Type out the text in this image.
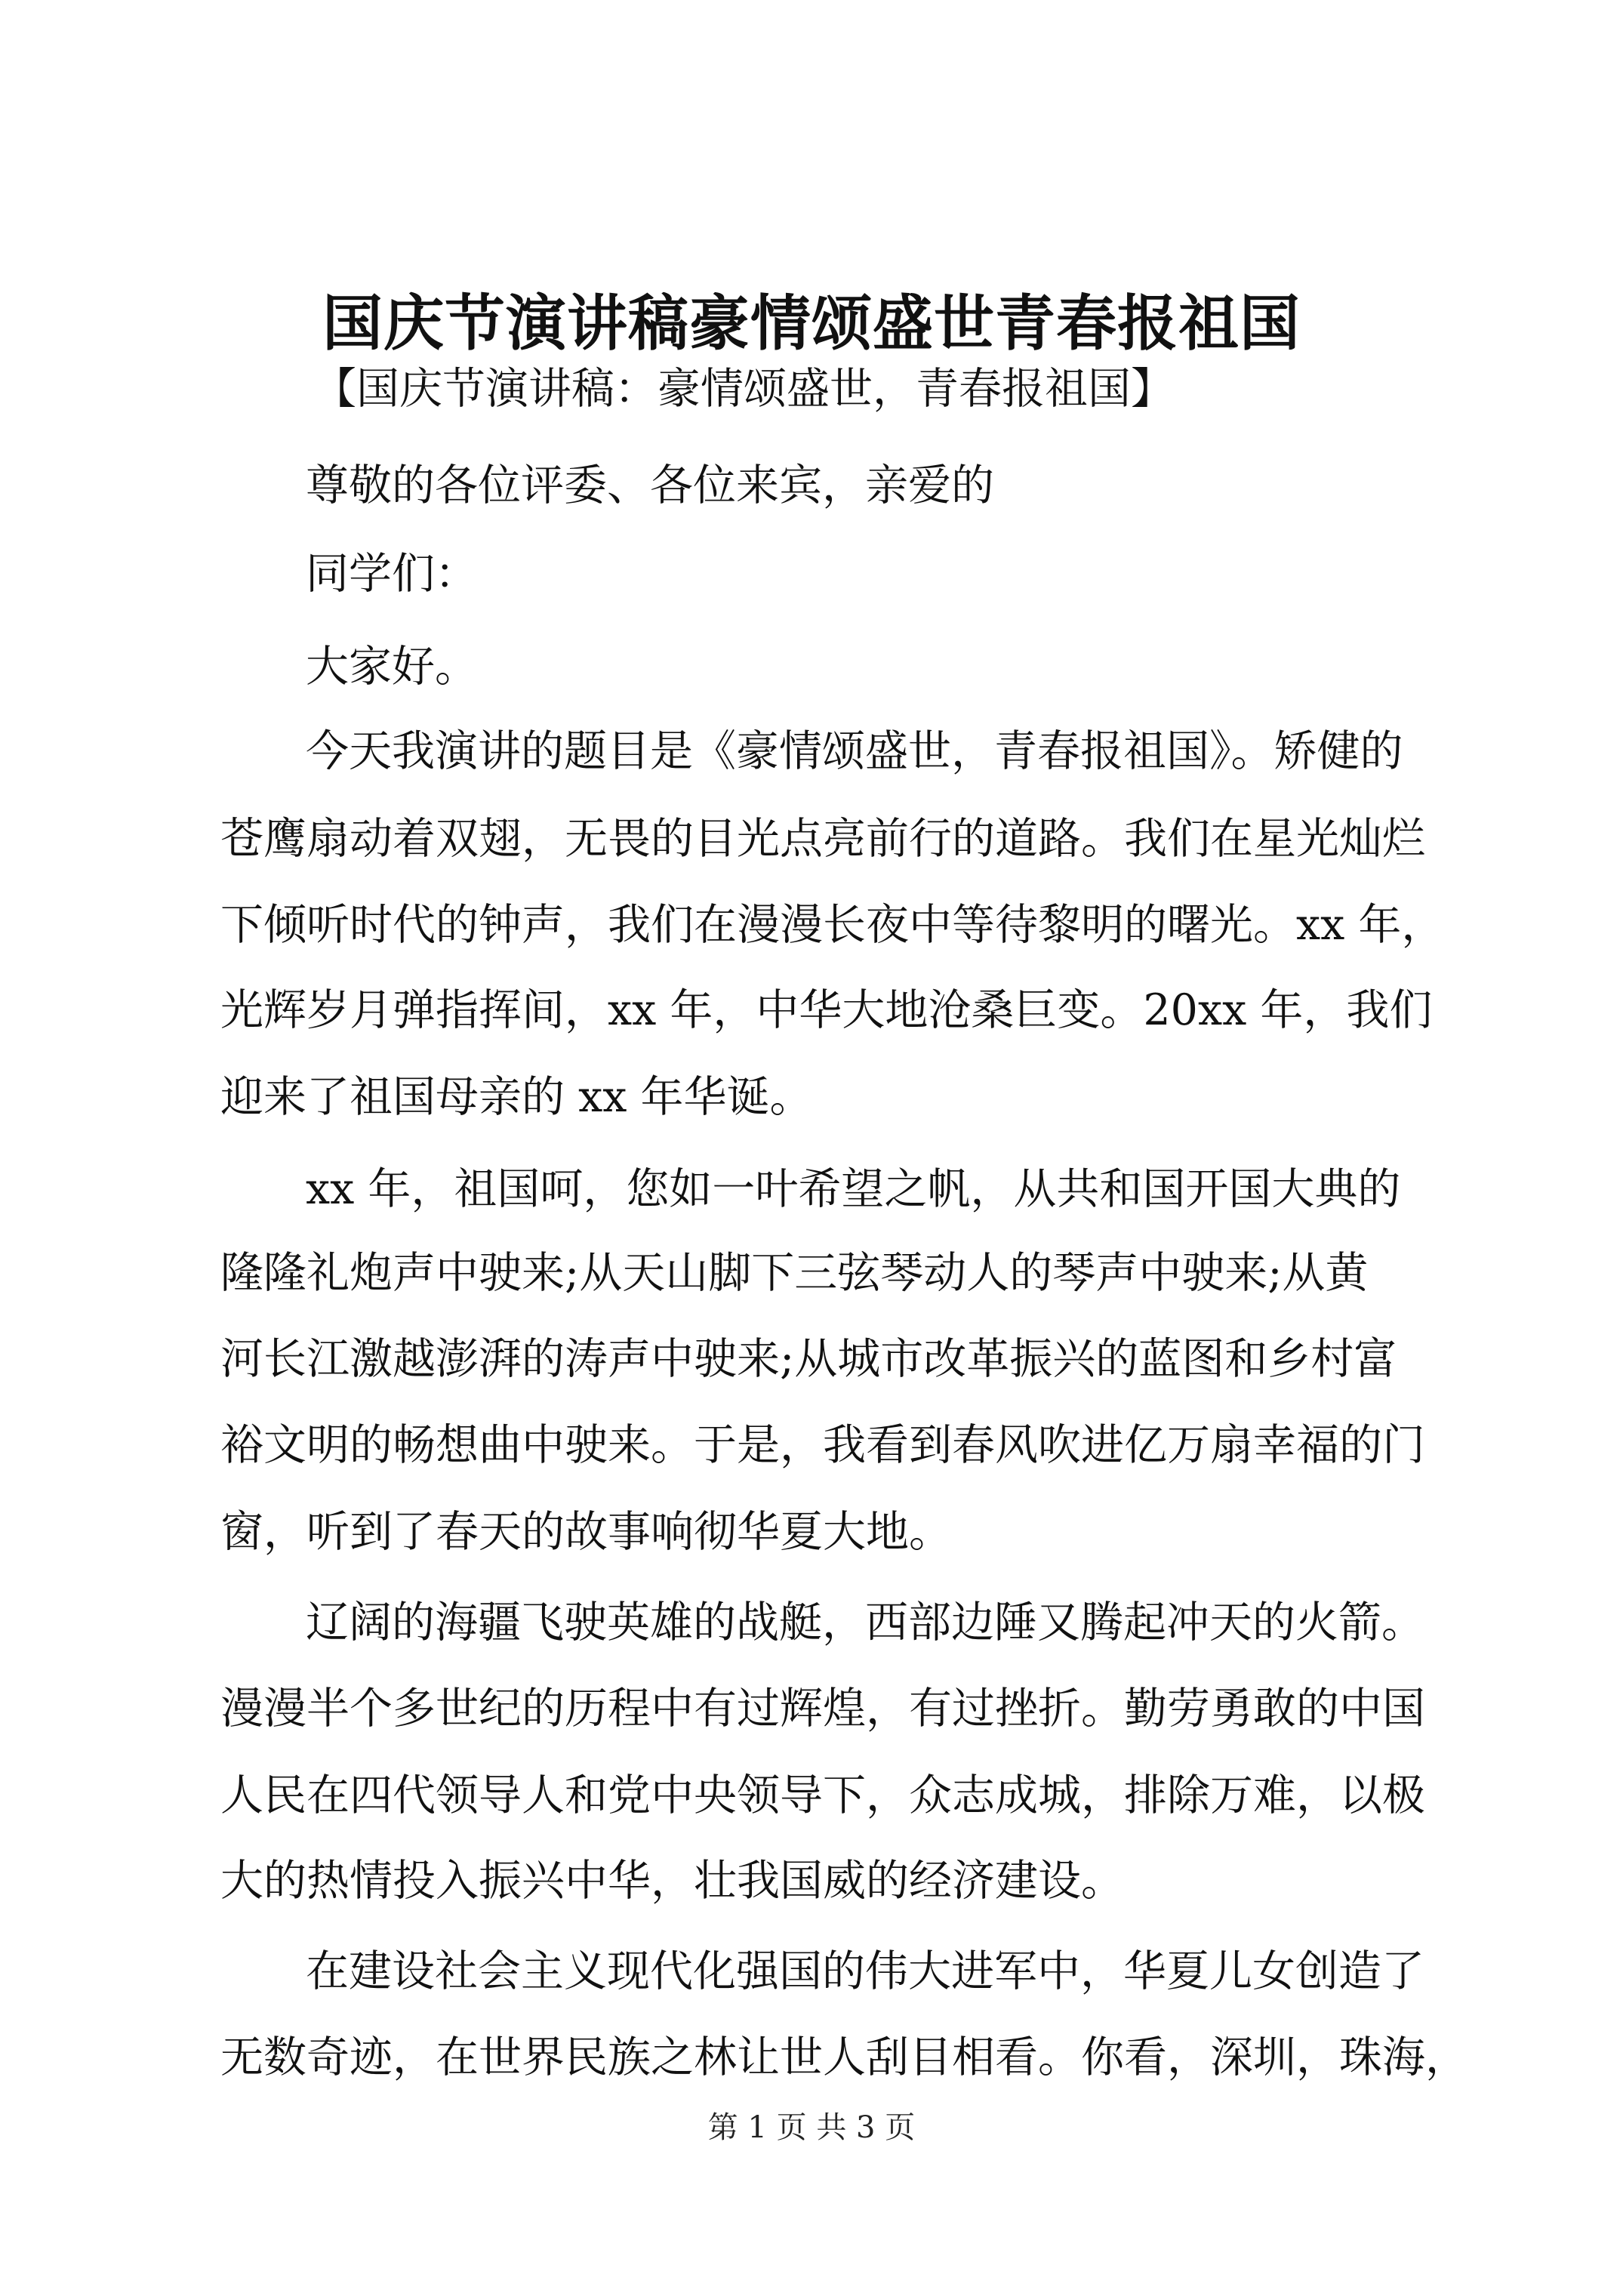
国庆节演讲稿豪情颂盛世青春报祖国
【国庆节演讲稿：豪情颂盛世，青春报祖国】
尊敬的各位评委、各位来宾，亲爱的
同学们：
大家好。
今天我演讲的题目是《豪情颂盛世，青春报祖国》。矫健的
苍鹰扇动着双翅，无畏的目光点亮前行的道路。我们在星光灿烂
下倾听时代的钟声，我们在漫漫长夜中等待黎明的曙光。xx 年，
光辉岁月弹指挥间，xx 年，中华大地沧桑巨变。20xx 年，我们
迎来了祖国母亲的 xx 年华诞。
xx 年，祖国呵，您如一叶希望之帆，从共和国开国大典的
隆隆礼炮声中驶来;从天山脚下三弦琴动人的琴声中驶来;从黄
河长江激越澎湃的涛声中驶来;从城市改革振兴的蓝图和乡村富
裕文明的畅想曲中驶来。于是，我看到春风吹进亿万扇幸福的门
窗，听到了春天的故事响彻华夏大地。
辽阔的海疆飞驶英雄的战艇，西部边陲又腾起冲天的火箭。
漫漫半个多世纪的历程中有过辉煌，有过挫折。勤劳勇敢的中国
人民在四代领导人和党中央领导下，众志成城，排除万难，以极
大的热情投入振兴中华，壮我国威的经济建设。
在建设社会主义现代化强国的伟大进军中，华夏儿女创造了
无数奇迹，在世界民族之林让世人刮目相看。你看，深圳，珠海，
第 1 页 共 3 页
